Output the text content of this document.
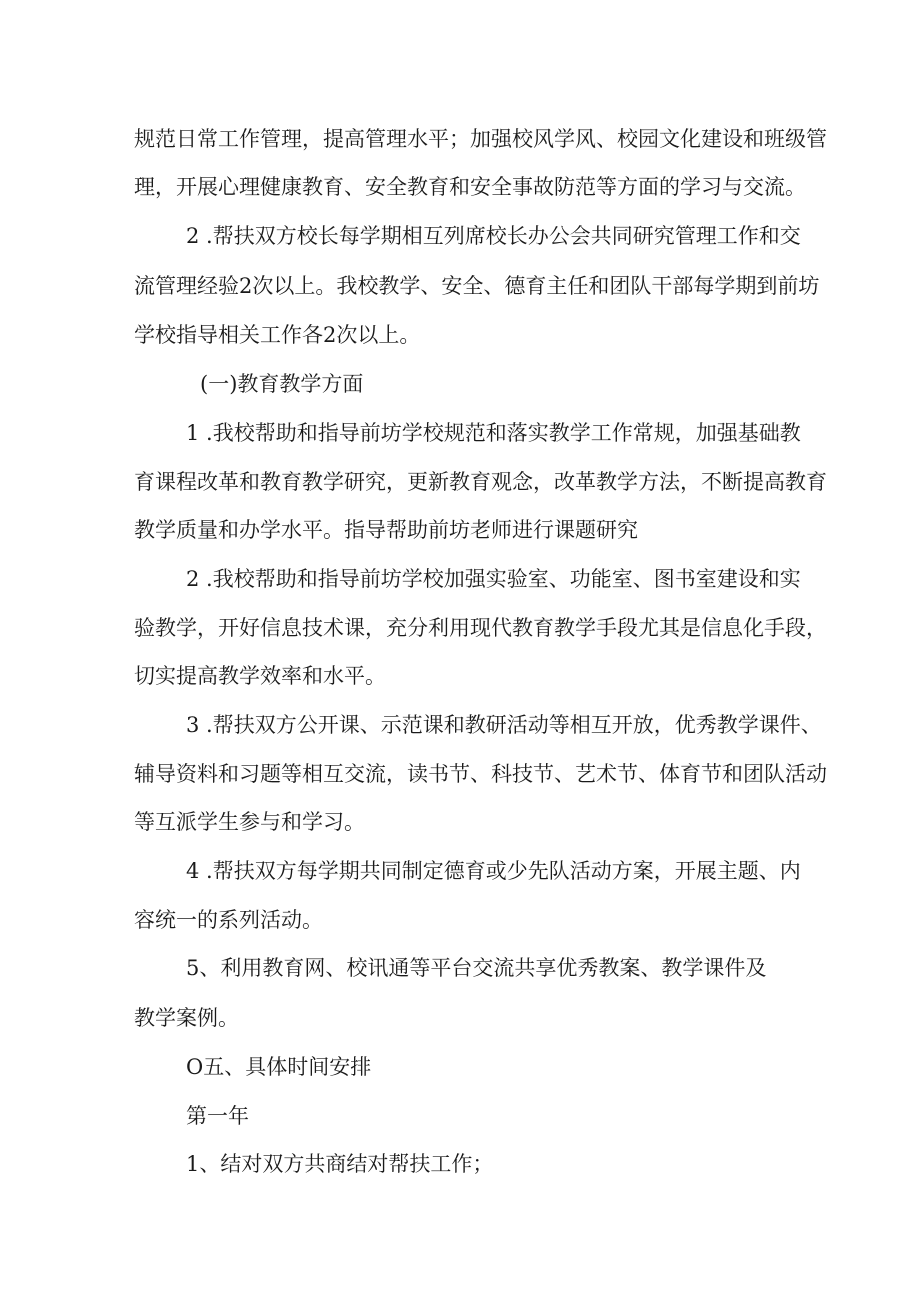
规范日常工作管理，提高管理水平；加强校风学风、校园文化建设和班级管
理，开展心理健康教育、安全教育和安全事故防范等方面的学习与交流。
2 .帮扶双方校长每学期相互列席校长办公会共同研究管理工作和交
流管理经验2次以上。我校教学、安全、德育主任和团队干部每学期到前坊
学校指导相关工作各2次以上。
(一)教育教学方面
1 .我校帮助和指导前坊学校规范和落实教学工作常规，加强基础教
育课程改革和教育教学研究，更新教育观念，改革教学方法，不断提高教育
教学质量和办学水平。指导帮助前坊老师进行课题研究
2 .我校帮助和指导前坊学校加强实验室、功能室、图书室建设和实
验教学，开好信息技术课，充分利用现代教育教学手段尤其是信息化手段，
切实提高教学效率和水平。
3 .帮扶双方公开课、示范课和教研活动等相互开放，优秀教学课件、
辅导资料和习题等相互交流，读书节、科技节、艺术节、体育节和团队活动
等互派学生参与和学习。
4 .帮扶双方每学期共同制定德育或少先队活动方案，开展主题、内
容统一的系列活动。
5、利用教育网、校讯通等平台交流共享优秀教案、教学课件及
教学案例。
O五、具体时间安排
第一年
1、结对双方共商结对帮扶工作；
